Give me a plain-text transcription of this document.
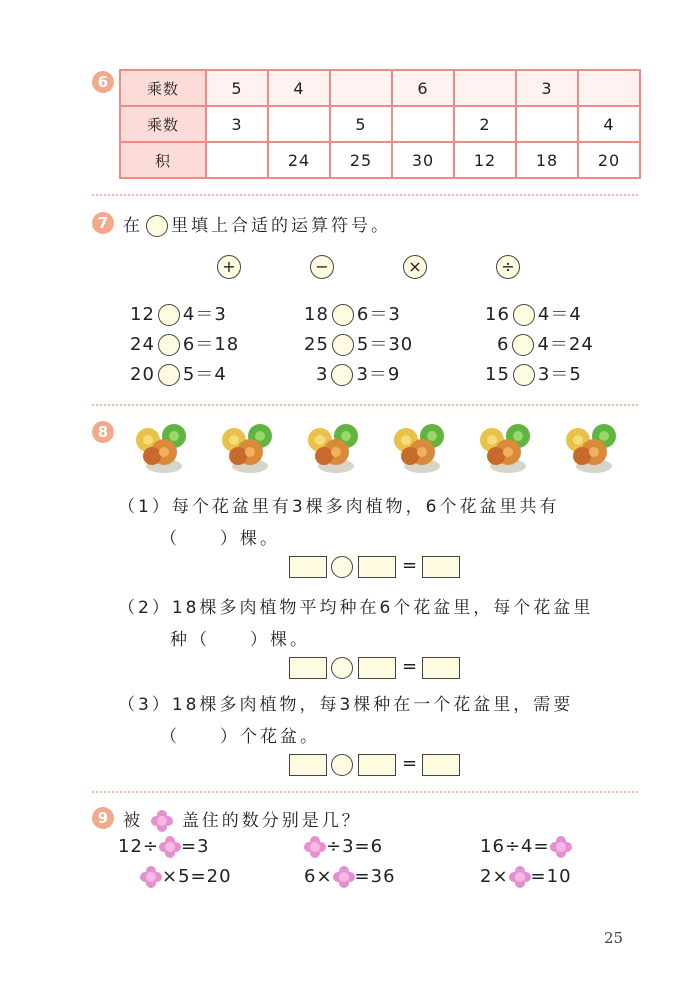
6	乘数	5	4		6		3	
乘数	3		5		2		4
积		24	25	30	12	18	20
7 在 里填上合适的运算符号。
+	−	×	÷
12 4＝3	18 6＝3	16 4＝4
24 6＝18	25 5＝30	6 4＝24
20 5＝4	3 3＝9	15 3＝5
8
（1）每个花盆里有3棵多肉植物，6个花盆里共有
（　　）棵。
=
（2）18棵多肉植物平均种在6个花盆里，每个花盆里
种（　　）棵。
=
（3）18棵多肉植物，每3棵种在一个花盆里，需要
（　　）个花盆。
=
9 被 盖住的数分别是几？
12÷ =3	÷3=6	16÷4=
×5=20	6× =36	2× =10
25
